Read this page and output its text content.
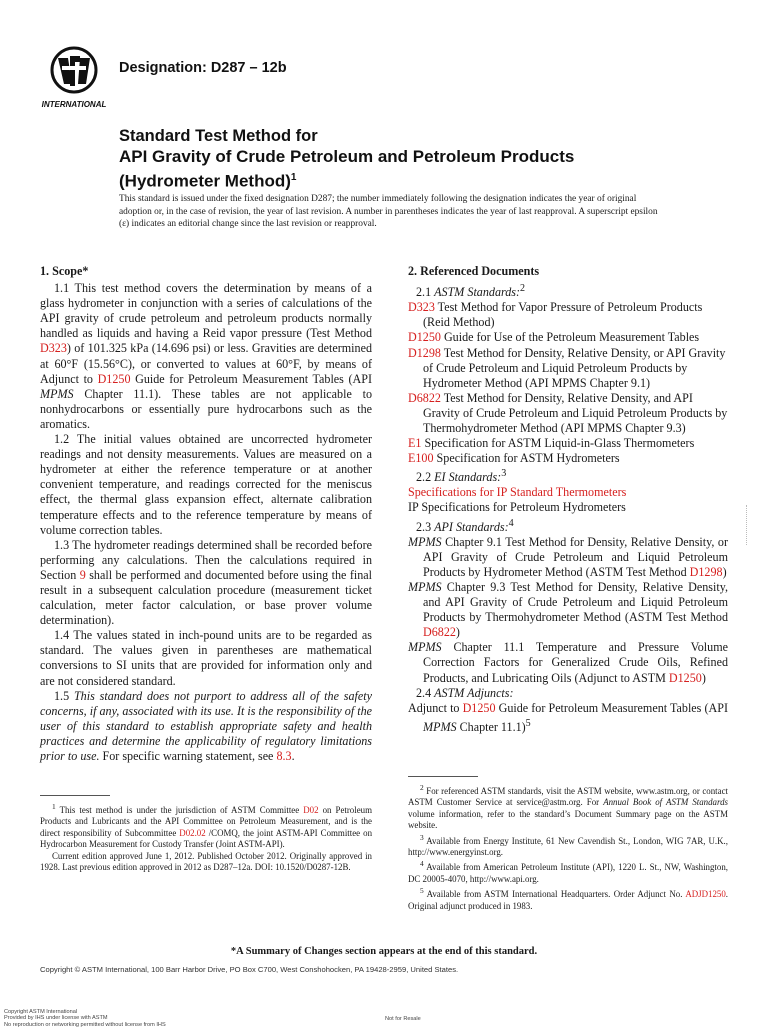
INTERNATIONAL
Designation: D287 – 12b
Standard Test Method for
API Gravity of Crude Petroleum and Petroleum Products
(Hydrometer Method)$^1$
This standard is issued under the fixed designation D287; the number immediately following the designation indicates the year of original adoption or, in the case of revision, the year of last revision. A number in parentheses indicates the year of last reapproval. A superscript epsilon (ε) indicates an editorial change since the last revision or reapproval.
1. Scope*

1.1 This test method covers the determination by means of a glass hydrometer in conjunction with a series of calculations of the API gravity of crude petroleum and petroleum products normally handled as liquids and having a Reid vapor pressure (Test Method D323) of 101.325 kPa (14.696 psi) or less. Gravities are determined at 60°F (15.56°C), or converted to values at 60°F, by means of Adjunct to D1250 Guide for Petroleum Measurement Tables (API MPMS Chapter 11.1). These tables are not applicable to nonhydrocarbons or essentially pure hydrocarbons such as the aromatics.

1.2 The initial values obtained are uncorrected hydrometer readings and not density measurements. Values are measured on a hydrometer at either the reference temperature or at another convenient temperature, and readings corrected for the meniscus effect, the thermal glass expansion effect, alternate calibration temperature effects and to the reference temperature by means of volume correction tables.

1.3 The hydrometer readings determined shall be recorded before performing any calculations. Then the calculations required in Section 9 shall be performed and documented before using the final result in a subsequent calculation procedure (measurement ticket calculation, meter factor calculation, or base prover volume determination).

1.4 The values stated in inch-pound units are to be regarded as standard. The values given in parentheses are mathematical conversions to SI units that are provided for information only and are not considered standard.

1.5 This standard does not purport to address all of the safety concerns, if any, associated with its use. It is the responsibility of the user of this standard to establish appropriate safety and health practices and determine the applicability of regulatory limitations prior to use. For specific warning statement, see 8.3.

2. Referenced Documents

2.1 ASTM Standards:$^2$

D323 Test Method for Vapor Pressure of Petroleum Products (Reid Method)

D1250 Guide for Use of the Petroleum Measurement Tables

D1298 Test Method for Density, Relative Density, or API Gravity of Crude Petroleum and Liquid Petroleum Products by Hydrometer Method (API MPMS Chapter 9.1)

D6822 Test Method for Density, Relative Density, and API Gravity of Crude Petroleum and Liquid Petroleum Products by Thermohydrometer Method (API MPMS Chapter 9.3)

E1 Specification for ASTM Liquid-in-Glass Thermometers

E100 Specification for ASTM Hydrometers

2.2 EI Standards:$^3$

Specifications for IP Standard Thermometers

IP Specifications for Petroleum Hydrometers

2.3 API Standards:$^4$

MPMS Chapter 9.1 Test Method for Density, Relative Density, or API Gravity of Crude Petroleum and Liquid Petroleum Products by Hydrometer Method (ASTM Test Method D1298)

MPMS Chapter 9.3 Test Method for Density, Relative Density, and API Gravity of Crude Petroleum and Liquid Petroleum Products by Thermohydrometer Method (ASTM Test Method D6822)

MPMS Chapter 11.1 Temperature and Pressure Volume Correction Factors for Generalized Crude Oils, Refined Products, and Lubricating Oils (Adjunct to ASTM D1250)

2.4 ASTM Adjuncts:

Adjunct to D1250 Guide for Petroleum Measurement Tables (API MPMS Chapter 11.1)$^5$

$^1$ This test method is under the jurisdiction of ASTM Committee D02 on Petroleum Products and Lubricants and the API Committee on Petroleum Measurement, and is the direct responsibility of Subcommittee D02.02 /COMQ, the joint ASTM-API Committee on Hydrocarbon Measurement for Custody Transfer (Joint ASTM-API).

Current edition approved June 1, 2012. Published October 2012. Originally approved in 1928. Last previous edition approved in 2012 as D287–12a. DOI: 10.1520/D0287-12B.

$^2$ For referenced ASTM standards, visit the ASTM website, www.astm.org, or contact ASTM Customer Service at service@astm.org. For Annual Book of ASTM Standards volume information, refer to the standard’s Document Summary page on the ASTM website.

$^3$ Available from Energy Institute, 61 New Cavendish St., London, WIG 7AR, U.K., http://www.energyinst.org.

$^4$ Available from American Petroleum Institute (API), 1220 L. St., NW, Washington, DC 20005-4070, http://www.api.org.

$^5$ Available from ASTM International Headquarters. Order Adjunct No. ADJD1250. Original adjunct produced in 1983.

*A Summary of Changes section appears at the end of this standard.
Copyright © ASTM International, 100 Barr Harbor Drive, PO Box C700, West Conshohocken, PA 19428-2959, United States.
Copyright ASTM International
Provided by IHS under license with ASTM
No reproduction or networking permitted without license from IHS
Not for Resale
